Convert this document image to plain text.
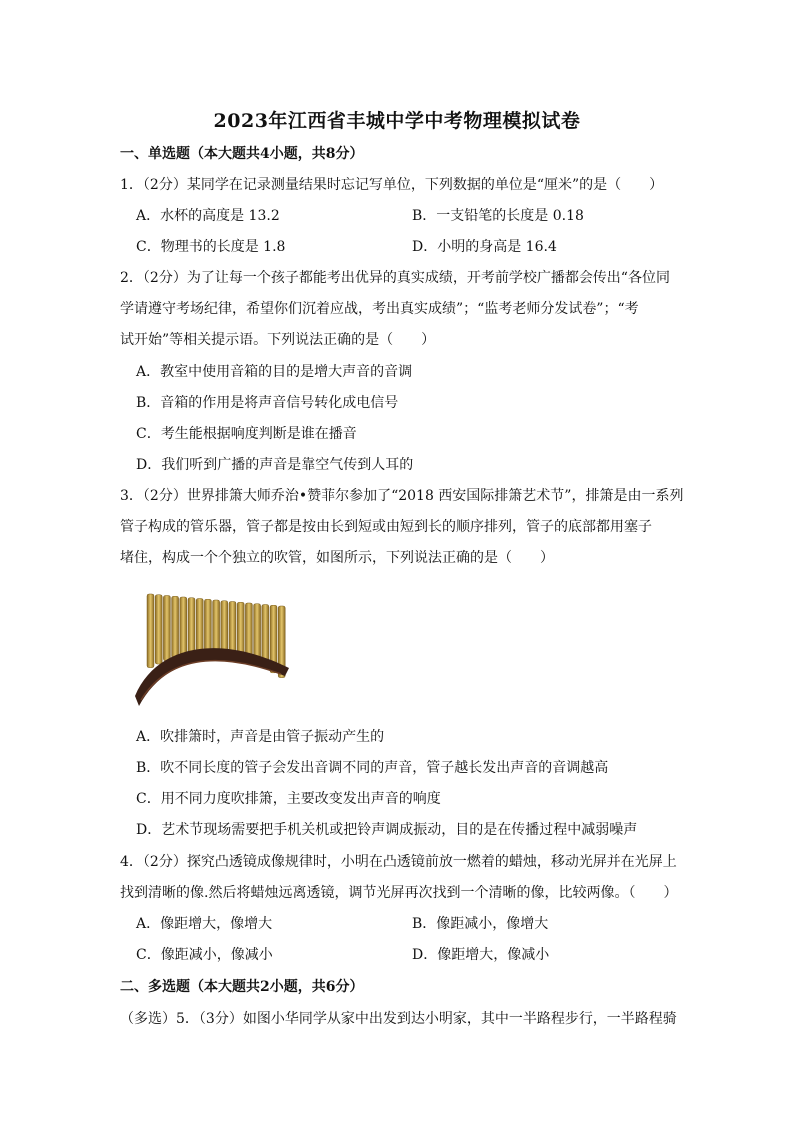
2023年江西省丰城中学中考物理模拟试卷
一、单选题（本大题共4小题，共8分）
1．（2分）某同学在记录测量结果时忘记写单位，下列数据的单位是“厘米”的是（　　）
A．水杯的高度是 13.2	B．一支铅笔的长度是 0.18
C．物理书的长度是 1.8	D．小明的身高是 16.4
2．（2分）为了让每一个孩子都能考出优异的真实成绩，开考前学校广播都会传出“各位同
学请遵守考场纪律，希望你们沉着应战，考出真实成绩”；“监考老师分发试卷”；“考
试开始”等相关提示语。下列说法正确的是（　　）
A．教室中使用音箱的目的是增大声音的音调
B．音箱的作用是将声音信号转化成电信号
C．考生能根据响度判断是谁在播音
D．我们听到广播的声音是靠空气传到人耳的
3．（2分）世界排箫大师乔治•赞菲尔参加了“2018 西安国际排箫艺术节”，排箫是由一系列
管子构成的管乐器，管子都是按由长到短或由短到长的顺序排列，管子的底部都用塞子
堵住，构成一个个独立的吹管，如图所示，下列说法正确的是（　　）
A．吹排箫时，声音是由管子振动产生的
B．吹不同长度的管子会发出音调不同的声音，管子越长发出声音的音调越高
C．用不同力度吹排箫，主要改变发出声音的响度
D．艺术节现场需要把手机关机或把铃声调成振动，目的是在传播过程中减弱噪声
4．（2分）探究凸透镜成像规律时，小明在凸透镜前放一燃着的蜡烛，移动光屏并在光屏上
找到清晰的像.然后将蜡烛远离透镜，调节光屏再次找到一个清晰的像，比较两像。（　　）
A．像距增大，像增大	B．像距减小，像增大
C．像距减小，像减小	D．像距增大，像减小
二、多选题（本大题共2小题，共6分）
（多选）5．（3分）如图小华同学从家中出发到达小明家，其中一半路程步行，一半路程骑
